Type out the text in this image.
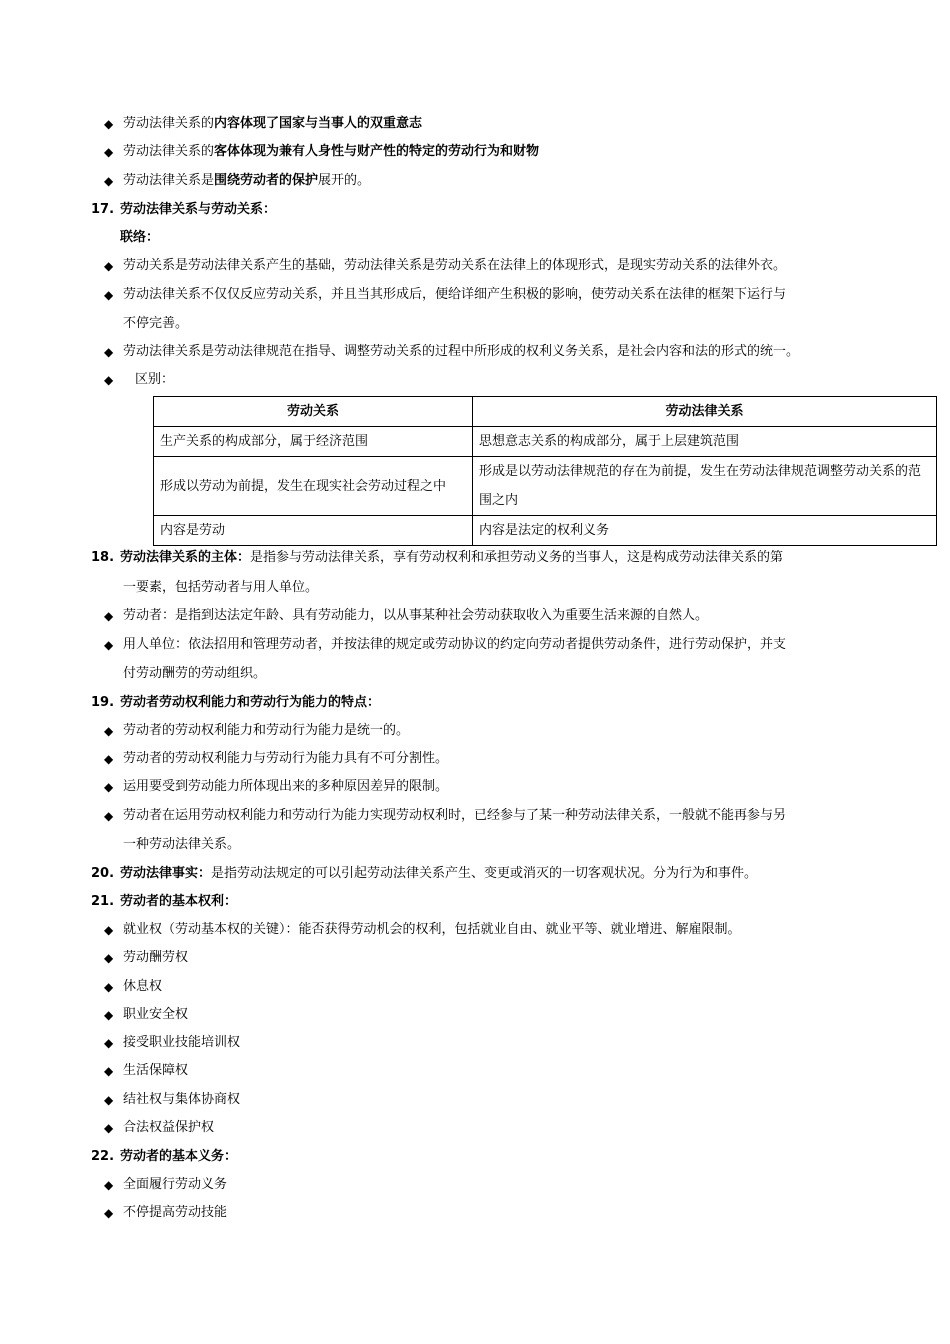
◆ 劳动法律关系的内容体现了国家与当事人的双重意志
◆ 劳动法律关系的客体体现为兼有人身性与财产性的特定的劳动行为和财物
◆ 劳动法律关系是围绕劳动者的保护展开的。
17. 劳动法律关系与劳动关系：
联络：
◆ 劳动关系是劳动法律关系产生的基础，劳动法律关系是劳动关系在法律上的体现形式，是现实劳动关系的法律外衣。
◆ 劳动法律关系不仅仅反应劳动关系，并且当其形成后，便给详细产生积极的影响，使劳动关系在法律的框架下运行与
不停完善。
◆ 劳动法律关系是劳动法律规范在指导、调整劳动关系的过程中所形成的权利义务关系，是社会内容和法的形式的统一。
◆	区别：
劳动关系	劳动法律关系
生产关系的构成部分，属于经济范围	思想意志关系的构成部分，属于上层建筑范围
形成以劳动为前提，发生在现实社会劳动过程之中	形成是以劳动法律规范的存在为前提，发生在劳动法律规范调整劳动关系的范围之内
内容是劳动	内容是法定的权利义务
18. 劳动法律关系的主体：是指参与劳动法律关系，享有劳动权利和承担劳动义务的当事人，这是构成劳动法律关系的第
一要素，包括劳动者与用人单位。
◆ 劳动者：是指到达法定年龄、具有劳动能力，以从事某种社会劳动获取收入为重要生活来源的自然人。
◆ 用人单位：依法招用和管理劳动者，并按法律的规定或劳动协议的约定向劳动者提供劳动条件，进行劳动保护，并支
付劳动酬劳的劳动组织。
19. 劳动者劳动权利能力和劳动行为能力的特点：
◆ 劳动者的劳动权利能力和劳动行为能力是统一的。
◆ 劳动者的劳动权利能力与劳动行为能力具有不可分割性。
◆ 运用要受到劳动能力所体现出来的多种原因差异的限制。
◆ 劳动者在运用劳动权利能力和劳动行为能力实现劳动权利时，已经参与了某一种劳动法律关系，一般就不能再参与另
一种劳动法律关系。
20. 劳动法律事实：是指劳动法规定的可以引起劳动法律关系产生、变更或消灭的一切客观状况。分为行为和事件。
21. 劳动者的基本权利：
◆ 就业权（劳动基本权的关键）：能否获得劳动机会的权利，包括就业自由、就业平等、就业增进、解雇限制。
◆ 劳动酬劳权
◆ 休息权
◆ 职业安全权
◆ 接受职业技能培训权
◆ 生活保障权
◆ 结社权与集体协商权
◆ 合法权益保护权
22. 劳动者的基本义务：
◆ 全面履行劳动义务
◆ 不停提高劳动技能
